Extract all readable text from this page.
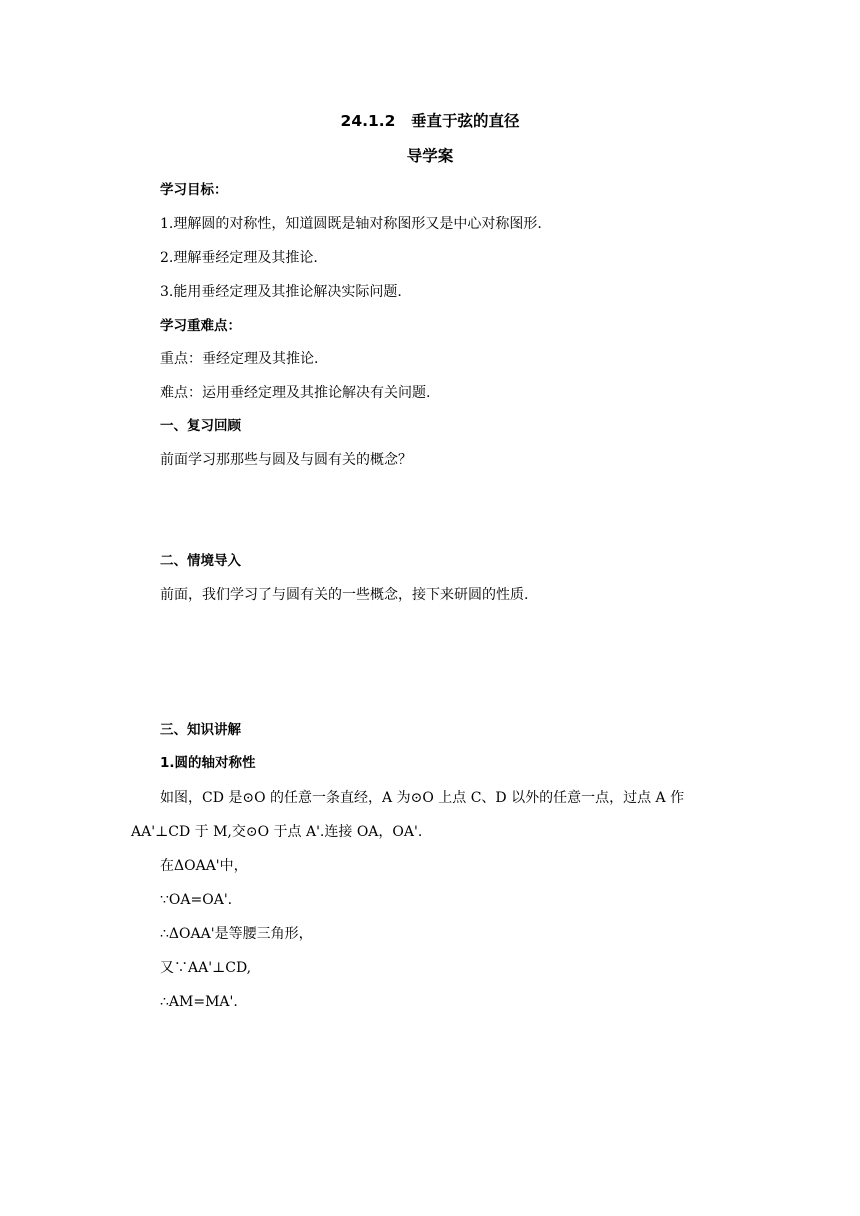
24.1.2　垂直于弦的直径
导学案
学习目标：
1.理解圆的对称性，知道圆既是轴对称图形又是中心对称图形.
2.理解垂经定理及其推论.
3.能用垂经定理及其推论解决实际问题.
学习重难点：
重点：垂经定理及其推论.
难点：运用垂经定理及其推论解决有关问题.
一、复习回顾
前面学习那那些与圆及与圆有关的概念？
二、情境导入
前面，我们学习了与圆有关的一些概念，接下来研圆的性质.
三、知识讲解
1.圆的轴对称性
如图，CD 是⊙O 的任意一条直经，A 为⊙O 上点 C、D 以外的任意一点，过点 A 作
AA'⊥CD 于 M,交⊙O 于点 A'.连接 OA，OA'.
在ΔOAA'中，
∵OA=OA'.
∴ΔOAA'是等腰三角形，
又∵AA'⊥CD,
∴AM=MA'.
